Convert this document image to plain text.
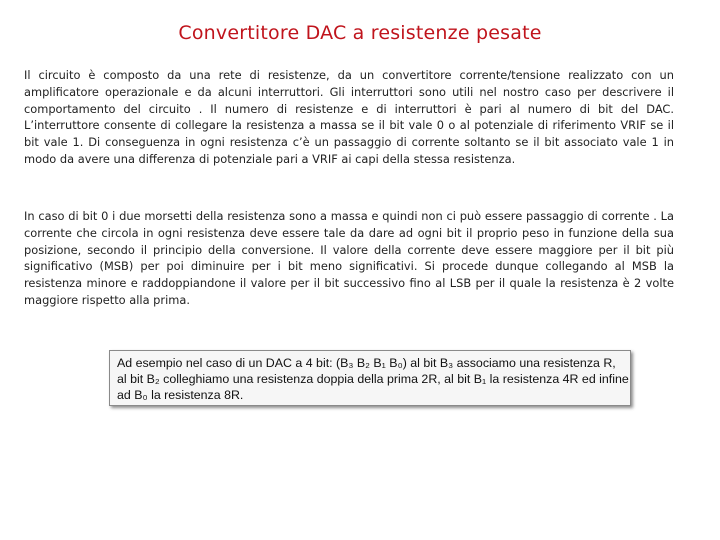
Convertitore DAC a resistenze pesate

Il circuito è composto da una rete di resistenze, da un convertitore corrente/tensione realizzato con un amplificatore operazionale e da alcuni interruttori. Gli interruttori sono utili nel nostro caso per descrivere il comportamento del circuito . Il numero di resistenze e di interruttori è pari al numero di bit del DAC. L’interruttore consente di collegare la resistenza a massa se il bit vale 0 o al potenziale di riferimento VRIF se il bit vale 1. Di conseguenza in ogni resistenza c’è un passaggio di corrente soltanto se il bit associato vale 1 in modo da avere una differenza di potenziale pari a VRIF ai capi della stessa resistenza.

In caso di bit 0 i due morsetti della resistenza sono a massa e quindi non ci può essere passaggio di corrente . La corrente che circola in ogni resistenza deve essere tale da dare ad ogni bit il proprio peso in funzione della sua posizione, secondo il principio della conversione. Il valore della corrente deve essere maggiore per il bit più significativo (MSB) per poi diminuire per i bit meno significativi. Si procede dunque collegando al MSB la resistenza minore e raddoppiandone il valore per il bit successivo fino al LSB per il quale la resistenza è 2 volte maggiore rispetto alla prima.

Ad esempio nel caso di un DAC a 4 bit: (B₃ B₂ B₁ B₀) al bit B₃ associamo una resistenza R,
al bit B₂ colleghiamo una resistenza doppia della prima 2R, al bit B₁ la resistenza 4R ed infine
ad B₀ la resistenza 8R.
